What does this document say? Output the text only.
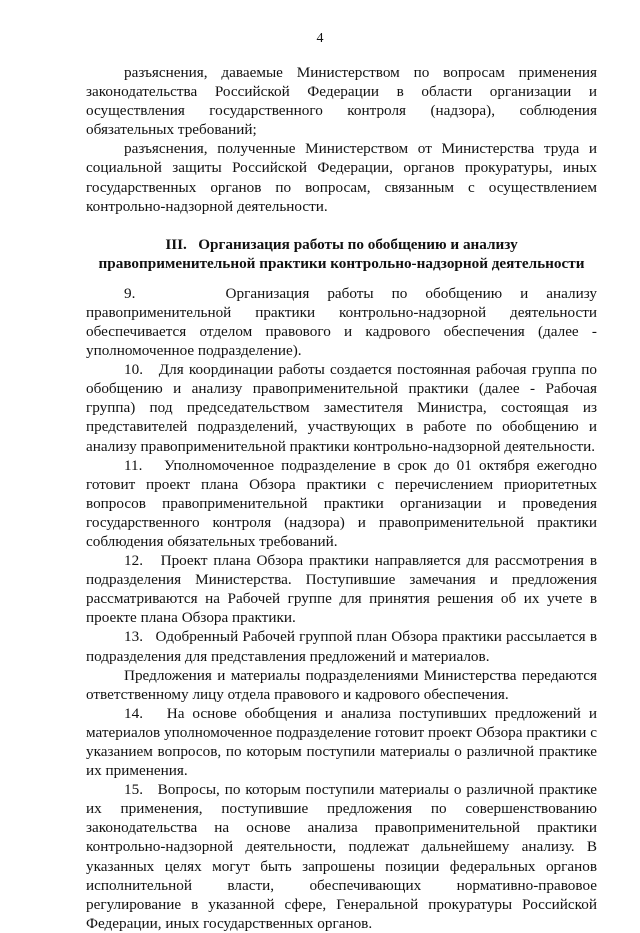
4

разъяснения, даваемые Министерством по вопросам применения законодательства Российской Федерации в области организации и осуществления государственного контроля (надзора), соблюдения обязательных требований;

разъяснения, полученные Министерством от Министерства труда и социальной защиты Российской Федерации, органов прокуратуры, иных государственных органов по вопросам, связанным с осуществлением контрольно-надзорной деятельности.

III.   Организация работы по обобщению и анализу
правоприменительной практики контрольно-надзорной деятельности

9.     Организация работы по обобщению и анализу правоприменительной практики контрольно-надзорной деятельности обеспечивается отделом правового и кадрового обеспечения (далее - уполномоченное подразделение).

10.   Для координации работы создается постоянная рабочая группа по обобщению и анализу правоприменительной практики (далее - Рабочая группа) под председательством заместителя Министра, состоящая из представителей подразделений, участвующих в работе по обобщению и анализу правоприменительной практики контрольно-надзорной деятельности.

11.   Уполномоченное подразделение в срок до 01 октября ежегодно готовит проект плана Обзора практики с перечислением приоритетных вопросов правоприменительной практики организации и проведения государственного контроля (надзора) и правоприменительной практики соблюдения обязательных требований.

12.   Проект плана Обзора практики направляется для рассмотрения в подразделения Министерства. Поступившие замечания и предложения рассматриваются на Рабочей группе для принятия решения об их учете в проекте плана Обзора практики.

13.   Одобренный Рабочей группой план Обзора практики рассылается в подразделения для представления предложений и материалов.

Предложения и материалы подразделениями Министерства передаются ответственному лицу отдела правового и кадрового обеспечения.

14.   На основе обобщения и анализа поступивших предложений и материалов уполномоченное подразделение готовит проект Обзора практики с указанием вопросов, по которым поступили материалы о различной практике их применения.

15.   Вопросы, по которым поступили материалы о различной практике их применения, поступившие предложения по совершенствованию законодательства на основе анализа правоприменительной практики контрольно-надзорной деятельности, подлежат дальнейшему анализу. В указанных целях могут быть запрошены позиции федеральных органов исполнительной власти, обеспечивающих нормативно-правовое регулирование в указанной сфере, Генеральной прокуратуры Российской Федерации, иных государственных органов.
